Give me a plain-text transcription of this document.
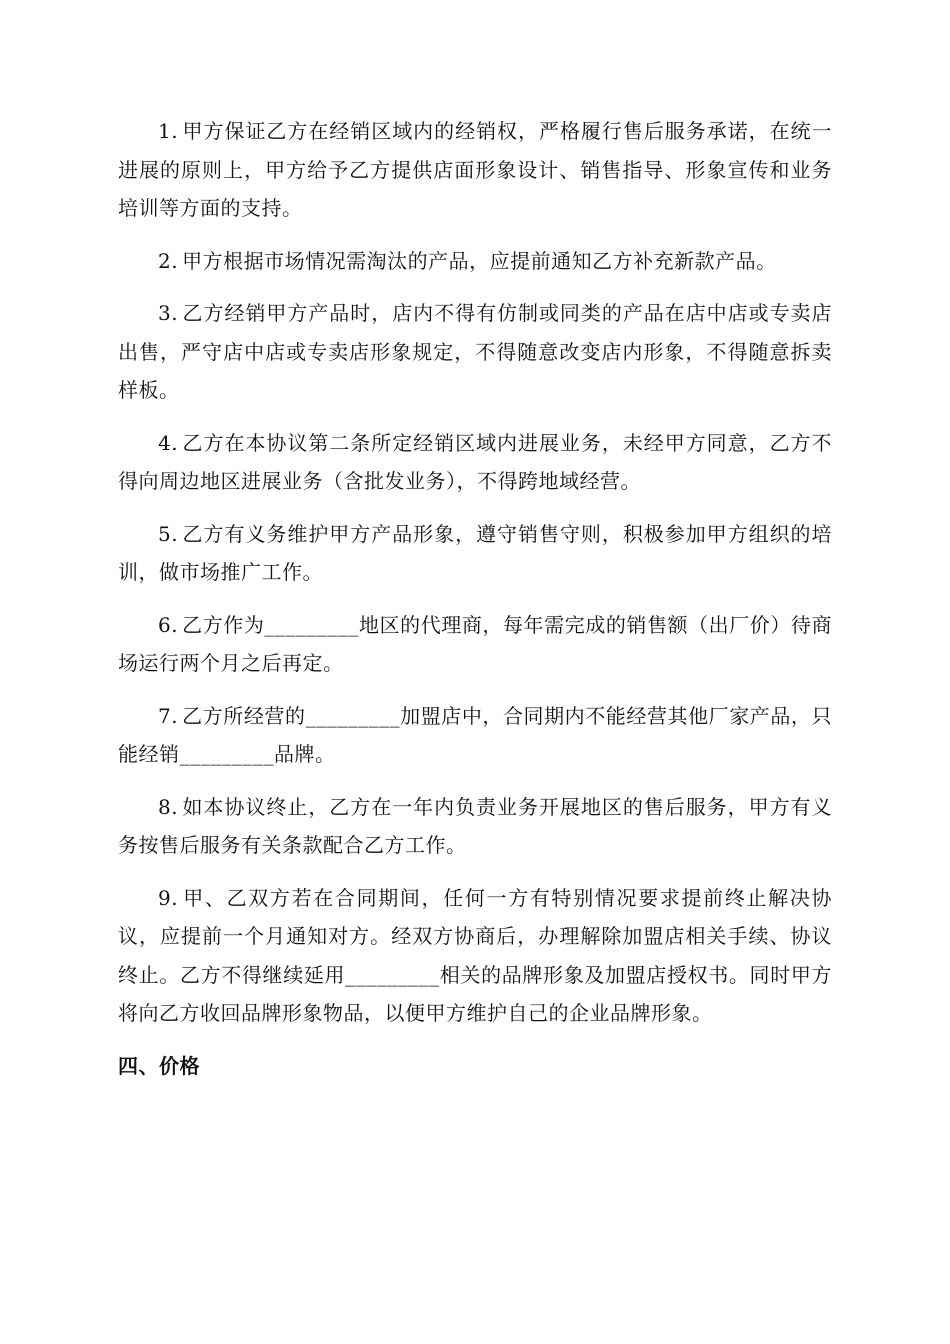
1. 甲方保证乙方在经销区域内的经销权，严格履行售后服务承诺，在统一进展的原则上，甲方给予乙方提供店面形象设计、销售指导、形象宣传和业务培训等方面的支持。

2. 甲方根据市场情况需淘汰的产品，应提前通知乙方补充新款产品。

3. 乙方经销甲方产品时，店内不得有仿制或同类的产品在店中店或专卖店出售，严守店中店或专卖店形象规定，不得随意改变店内形象，不得随意拆卖样板。

4. 乙方在本协议第二条所定经销区域内进展业务，未经甲方同意，乙方不得向周边地区进展业务（含批发业务），不得跨地域经营。

5. 乙方有义务维护甲方产品形象，遵守销售守则，积极参加甲方组织的培训，做市场推广工作。

6. 乙方作为_________地区的代理商，每年需完成的销售额（出厂价）待商场运行两个月之后再定。

7. 乙方所经营的_________加盟店中，合同期内不能经营其他厂家产品，只能经销_________品牌。

8. 如本协议终止，乙方在一年内负责业务开展地区的售后服务，甲方有义务按售后服务有关条款配合乙方工作。

9. 甲、乙双方若在合同期间，任何一方有特别情况要求提前终止解决协议，应提前一个月通知对方。经双方协商后，办理解除加盟店相关手续、协议终止。乙方不得继续延用_________相关的品牌形象及加盟店授权书。同时甲方将向乙方收回品牌形象物品，以便甲方维护自己的企业品牌形象。

四、价格
